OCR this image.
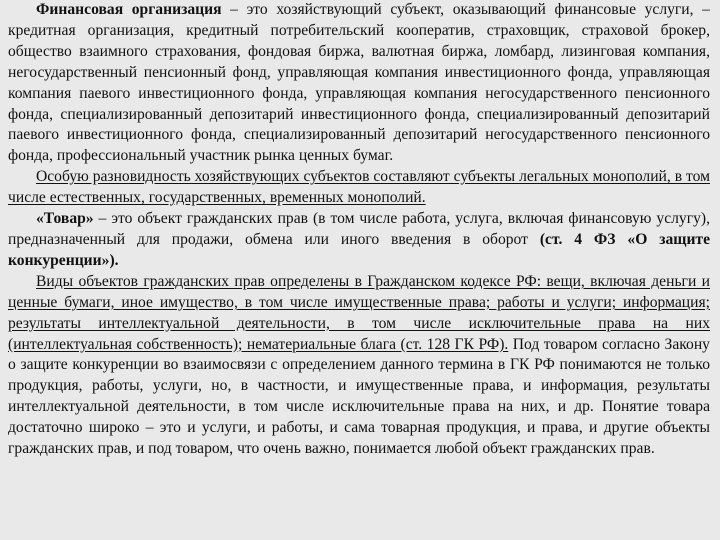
Финансовая организация – это хозяйствующий субъект, оказывающий финансовые услуги, – кредитная организация, кредитный потребительский кооператив, страховщик, страховой брокер, общество взаимного страхования, фондовая биржа, валютная биржа, ломбард, лизинговая компания, негосударственный пенсионный фонд, управляющая компания инвестиционного фонда, управляющая компания паевого инвестиционного фонда, управляющая компания негосударственного пенсионного фонда, специализированный депозитарий инвестиционного фонда, специализированный депозитарий паевого инвестиционного фонда, специализированный депозитарий негосударственного пенсионного фонда, профессиональный участник рынка ценных бумаг.

Особую разновидность хозяйствующих субъектов составляют субъекты легальных монополий, в том числе естественных, государственных, временных монополий.

«Товар» – это объект гражданских прав (в том числе работа, услуга, включая финансовую услугу), предназначенный для продажи, обмена или иного введения в оборот (ст. 4 ФЗ «О защите конкуренции»).

Виды объектов гражданских прав определены в Гражданском кодексе РФ: вещи, включая деньги и ценные бумаги, иное имущество, в том числе имущественные права; работы и услуги; информация; результаты интеллектуальной деятельности, в том числе исключительные права на них (интеллектуальная собственность); нематериальные блага (ст. 128 ГК РФ). Под товаром согласно Закону о защите конкуренции во взаимосвязи с определением данного термина в ГК РФ понимаются не только продукция, работы, услуги, но, в частности, и имущественные права, и информация, результаты интеллектуальной деятельности, в том числе исключительные права на них, и др. Понятие товара достаточно широко – это и услуги, и работы, и сама товарная продукция, и права, и другие объекты гражданских прав, и под товаром, что очень важно, понимается любой объект гражданских прав.
